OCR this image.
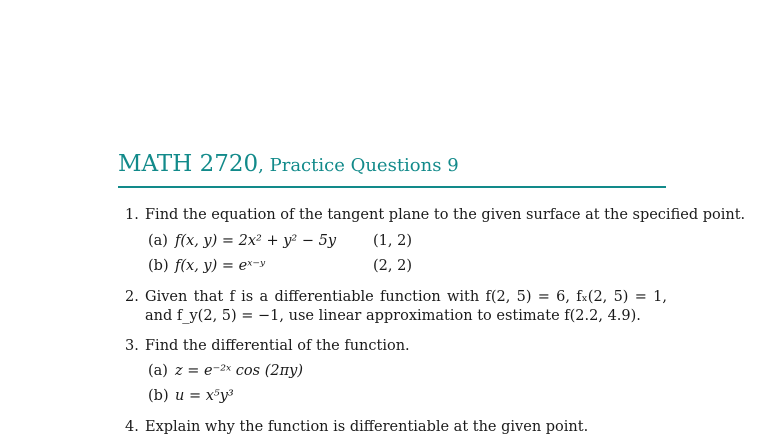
MATH 2720, Practice Questions 9
1. Find the equation of the tangent plane to the given surface at the specified point.
(a) f(x, y) = 2x² + y² − 5y	(1, 2)
(b) f(x, y) = eˣ⁻ʸ	(2, 2)
2. Given that f is a differentiable function with f(2, 5) = 6, fₓ(2, 5) = 1, and f_y(2, 5) = −1, use linear approximation to estimate f(2.2, 4.9).
3. Find the differential of the function.
(a) z = e⁻²ˣ cos (2πy)
(b) u = x⁵y³
4. Explain why the function is differentiable at the given point.
